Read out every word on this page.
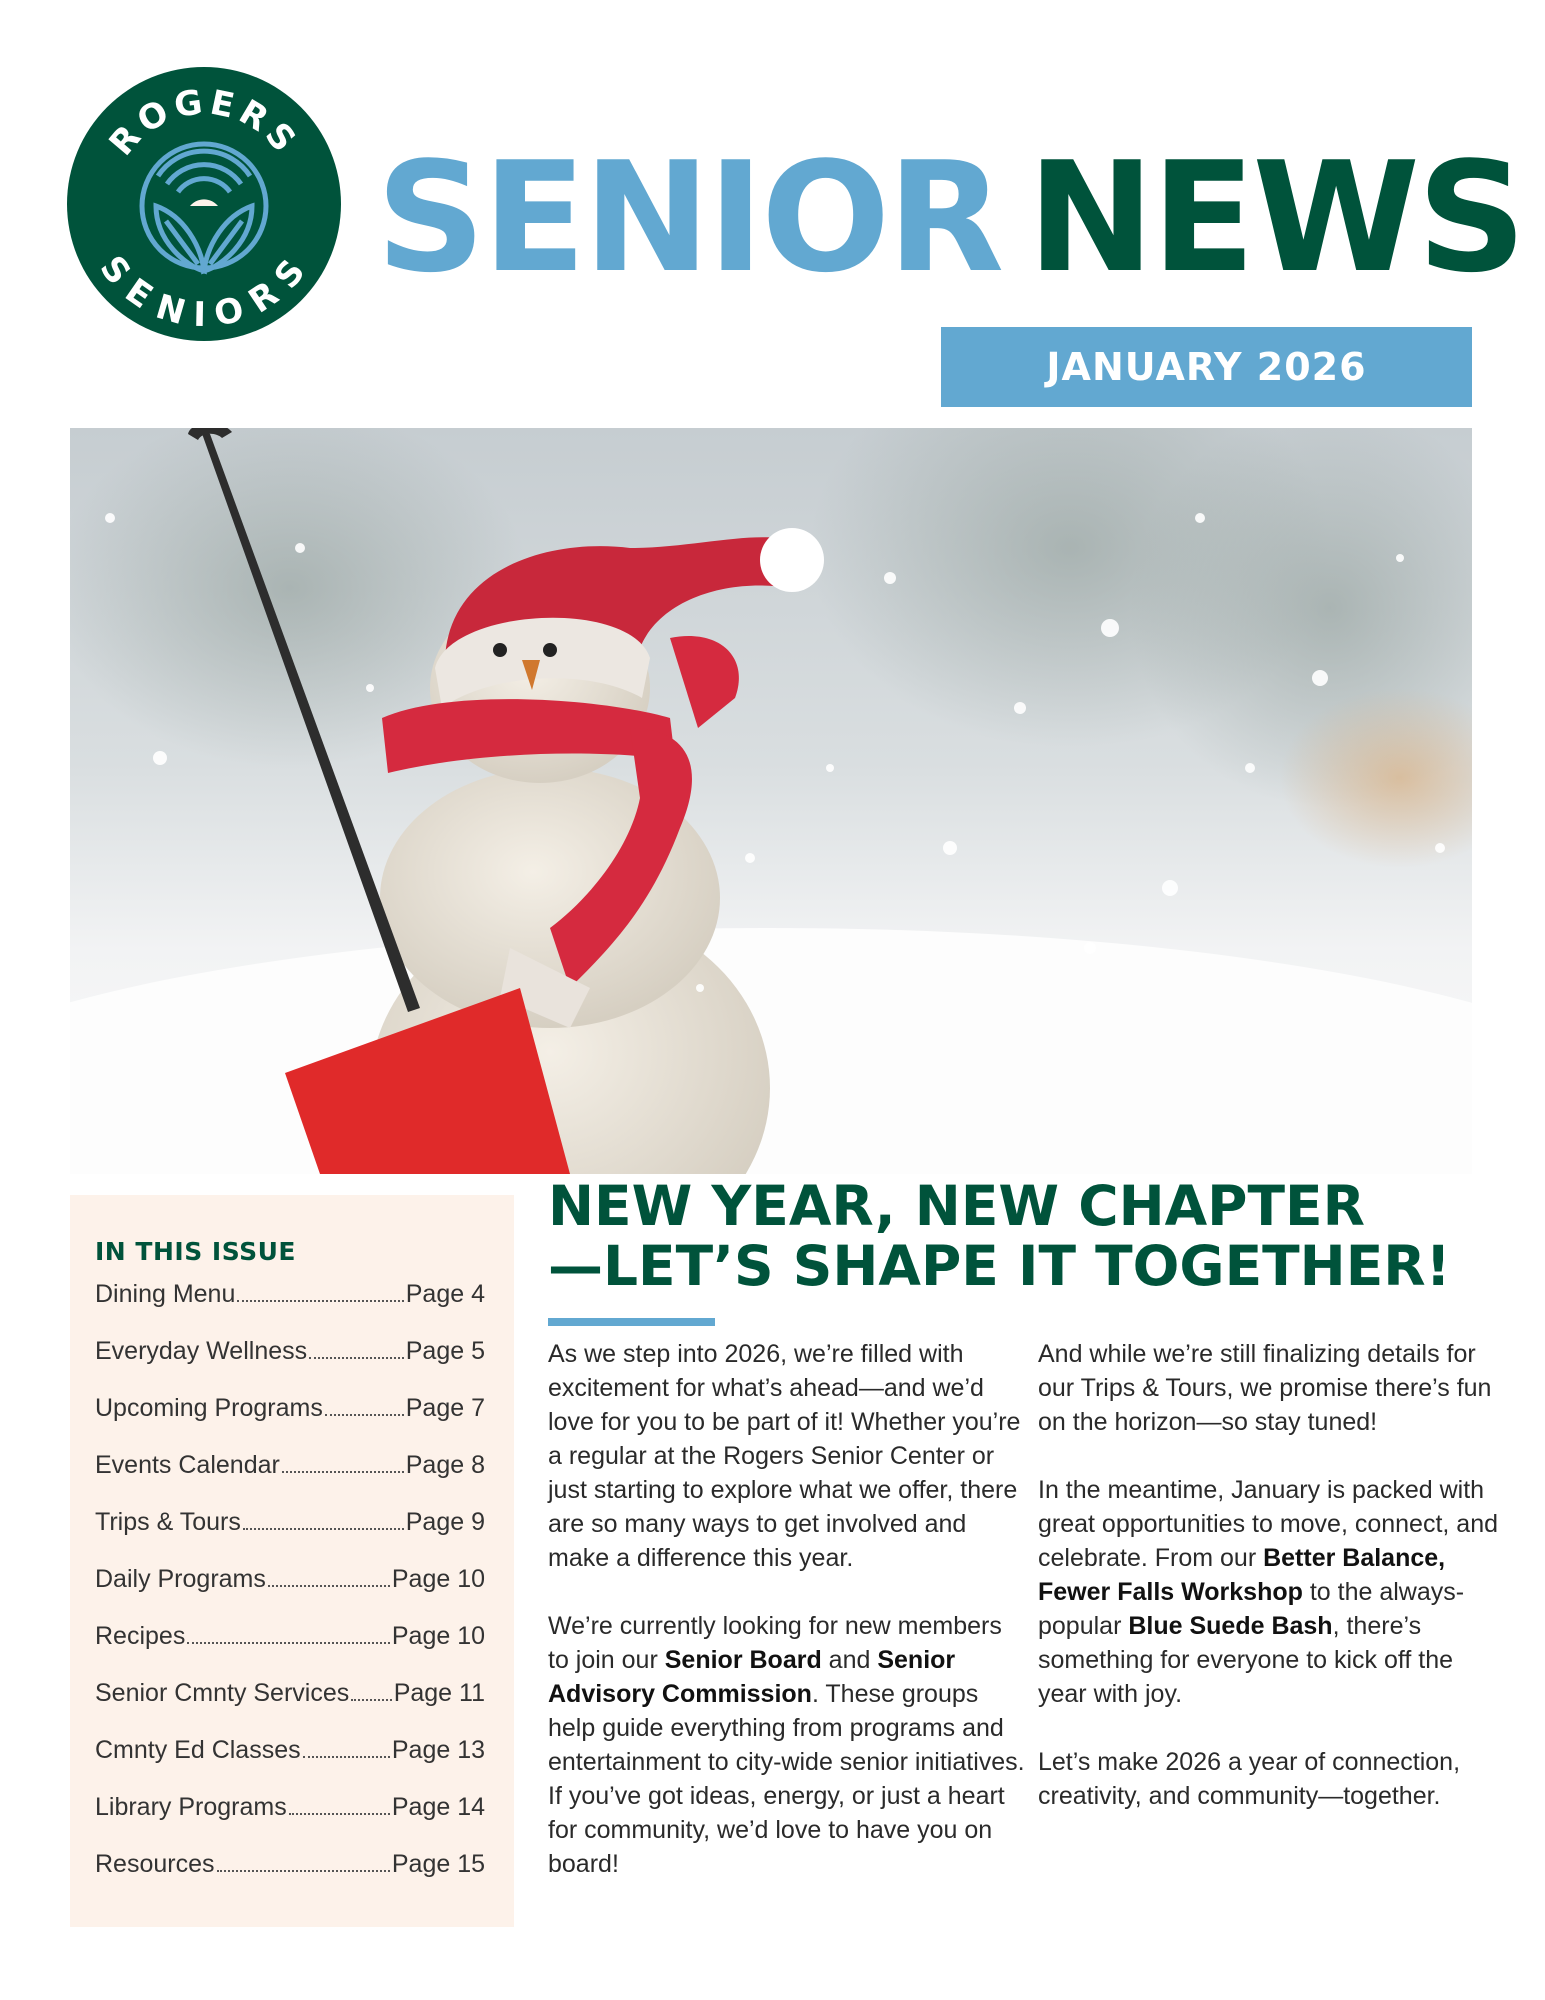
ROGERS
SENIORS SENIOR NEWS
JANUARY 2026
IN THIS ISSUE
Dining Menu	Page 4
Everyday Wellness	Page 5
Upcoming Programs	Page 7
Events Calendar	Page 8
Trips & Tours	Page 9
Daily Programs	Page 10
Recipes	Page 10
Senior Cmnty Services Page 11
Cmnty Ed Classes	Page 13
Library Programs	Page 14
Resources	Page 15
NEW YEAR, NEW CHAPTER
—LET’S SHAPE IT TOGETHER!

As we step into 2026, we’re filled with excitement for what’s ahead—and we’d love for you to be part of it! Whether you’re a regular at the Rogers Senior Center or just starting to explore what we offer, there are so many ways to get involved and make a difference this year.

We’re currently looking for new members to join our Senior Board and Senior Advisory Commission. These groups help guide everything from programs and entertainment to city-wide senior initiatives. If you’ve got ideas, energy, or just a heart for community, we’d love to have you on board!

And while we’re still finalizing details for our Trips & Tours, we promise there’s fun on the horizon—so stay tuned!

In the meantime, January is packed with great opportunities to move, connect, and celebrate. From our Better Balance, Fewer Falls Workshop to the always-popular Blue Suede Bash, there’s something for everyone to kick off the year with joy.

Let’s make 2026 a year of connection, creativity, and community—together.
